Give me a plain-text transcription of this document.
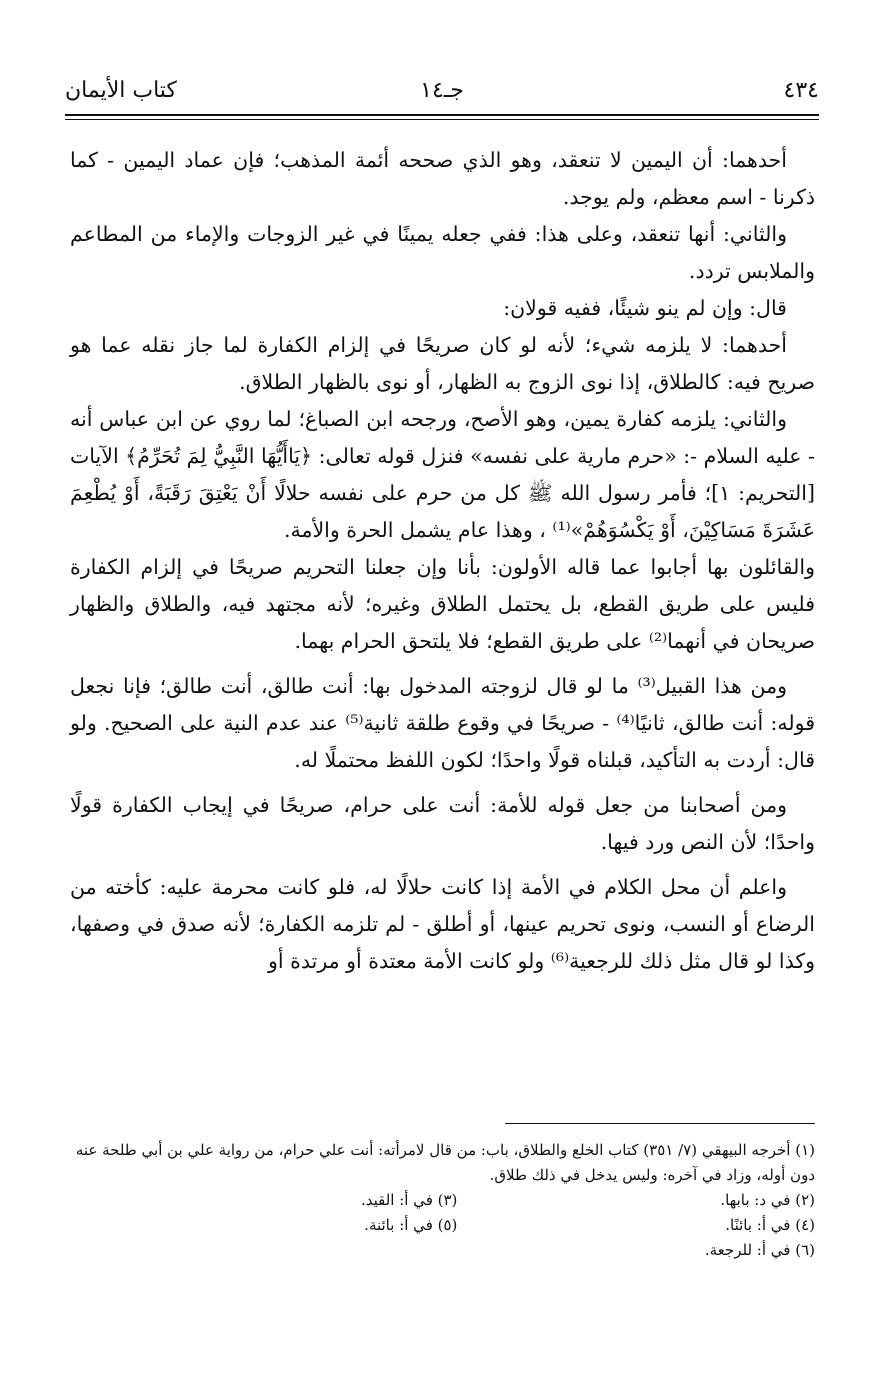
٤٣٤
جـ١٤
كتاب الأيمان

أحدهما: أن اليمين لا تنعقد، وهو الذي صححه أئمة المذهب؛ فإن عماد اليمين - كما ذكرنا - اسم معظم، ولم يوجد.

والثاني: أنها تنعقد، وعلى هذا: ففي جعله يمينًا في غير الزوجات والإماء من المطاعم والملابس تردد.

قال: وإن لم ينو شيئًا، ففيه قولان:

أحدهما: لا يلزمه شيء؛ لأنه لو كان صريحًا في إلزام الكفارة لما جاز نقله عما هو صريح فيه: كالطلاق، إذا نوى الزوج به الظهار، أو نوى بالظهار الطلاق.

والثاني: يلزمه كفارة يمين، وهو الأصح، ورجحه ابن الصباغ؛ لما روي عن ابن عباس أنه - عليه السلام -: «حرم مارية على نفسه» فنزل قوله تعالى: ﴿يَاأَيُّهَا النَّبِيُّ لِمَ تُحَرِّمُ﴾ الآيات [التحريم: ١]؛ فأمر رسول الله ﷺ كل من حرم على نفسه حلالًا أَنْ يَعْتِقَ رَقَبَةً، أَوْ يُطْعِمَ عَشَرَةَ مَسَاكِيْنَ، أَوْ يَكْسُوَهُمْ»⁽¹⁾ ، وهذا عام يشمل الحرة والأمة.

والقائلون بها أجابوا عما قاله الأولون: بأنا وإن جعلنا التحريم صريحًا في إلزام الكفارة فليس على طريق القطع، بل يحتمل الطلاق وغيره؛ لأنه مجتهد فيه، والطلاق والظهار صريحان في أنهما⁽²⁾ على طريق القطع؛ فلا يلتحق الحرام بهما.

ومن هذا القبيل⁽³⁾ ما لو قال لزوجته المدخول بها: أنت طالق، أنت طالق؛ فإنا نجعل قوله: أنت طالق، ثانيًا⁽⁴⁾ - صريحًا في وقوع طلقة ثانية⁽⁵⁾ عند عدم النية على الصحيح. ولو قال: أردت به التأكيد، قبلناه قولًا واحدًا؛ لكون اللفظ محتملًا له.

ومن أصحابنا من جعل قوله للأمة: أنت على حرام، صريحًا في إيجاب الكفارة قولًا واحدًا؛ لأن النص ورد فيها.

واعلم أن محل الكلام في الأمة إذا كانت حلالًا له، فلو كانت محرمة عليه: كأخته من الرضاع أو النسب، ونوى تحريم عينها، أو أطلق - لم تلزمه الكفارة؛ لأنه صدق في وصفها، وكذا لو قال مثل ذلك للرجعية⁽⁶⁾ ولو كانت الأمة معتدة أو مرتدة أو

(١) أخرجه البيهقي (٧/ ٣٥١) كتاب الخلع والطلاق، باب: من قال لامرأته: أنت علي حرام، من رواية علي بن أبي طلحة عنه دون أوله، وزاد في آخره: وليس يدخل في ذلك طلاق.

(٢) في د: بابها.
(٣) في أ: القيد.
(٤) في أ: بائنًا.
(٥) في أ: بائنة.

(٦) في أ: للرجعة.
